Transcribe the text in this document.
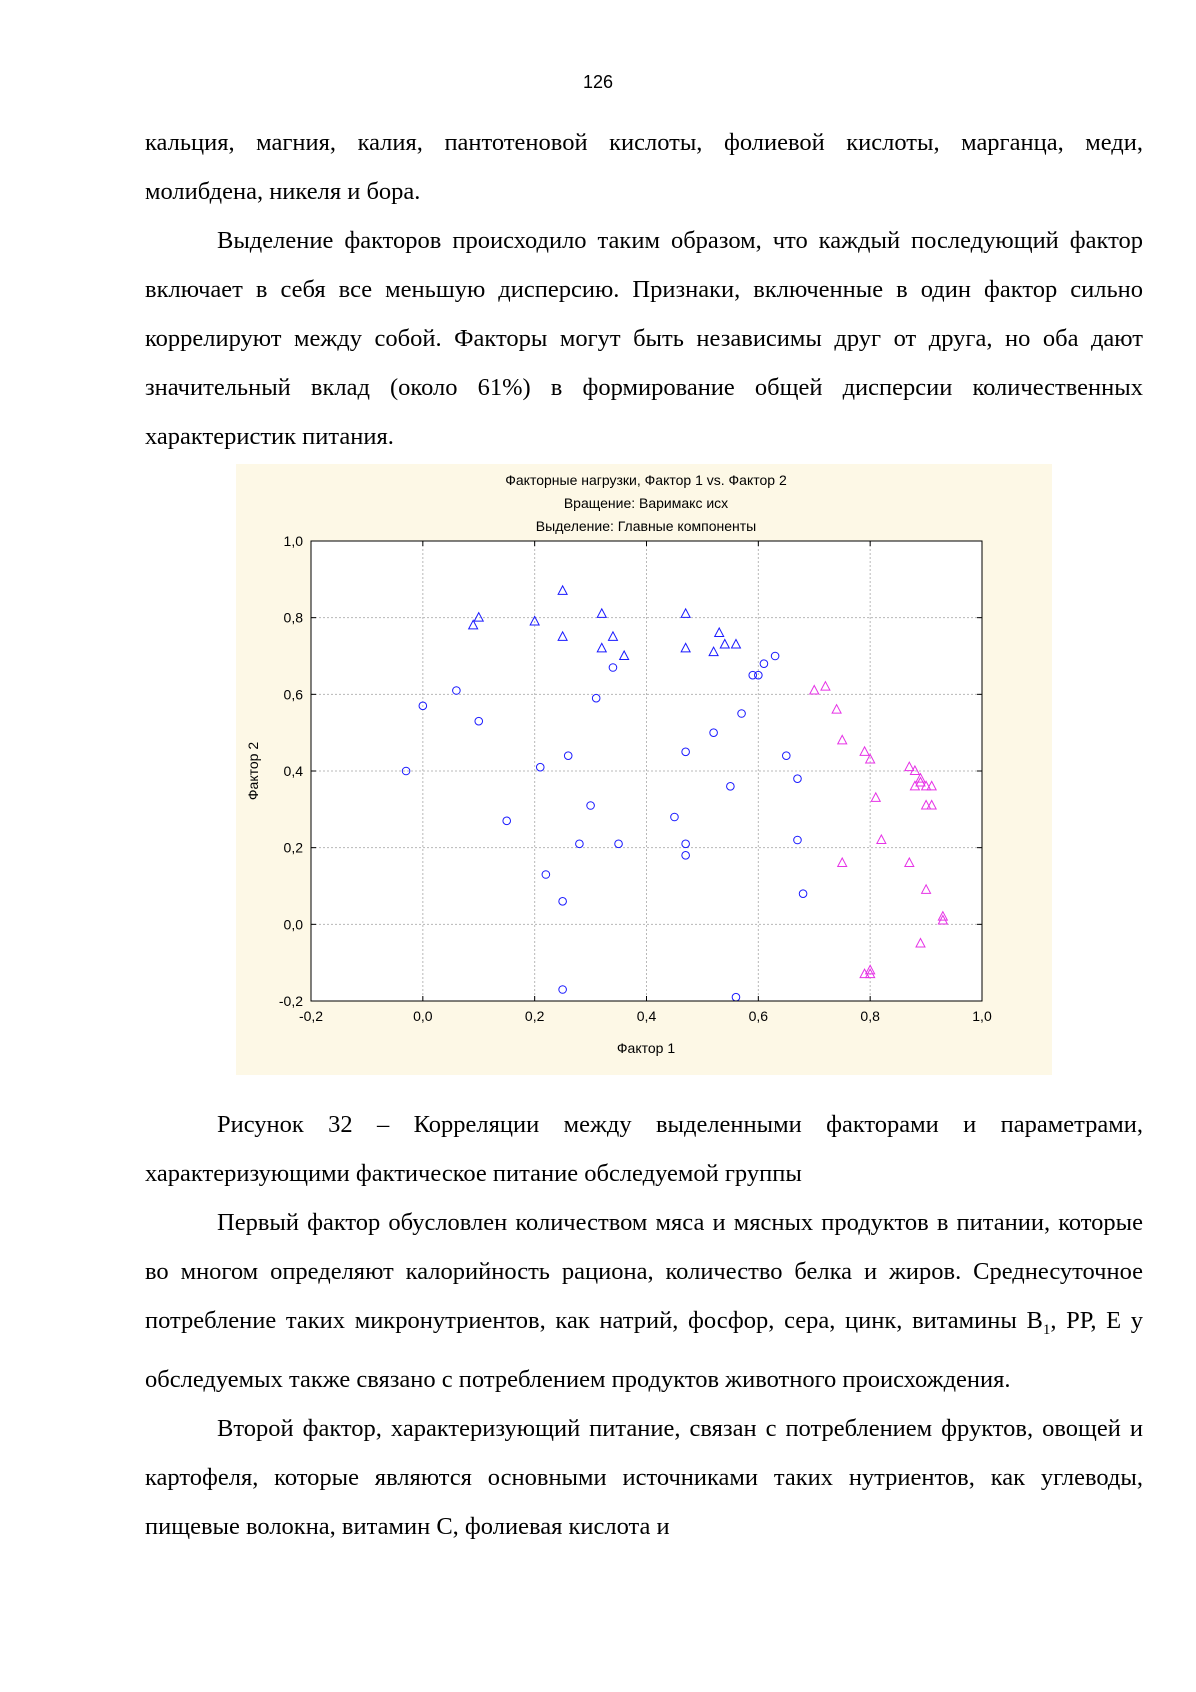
126

кальция, магния, калия, пантотеновой кислоты, фолиевой кислоты, марганца, меди, молибдена, никеля и бора.

Выделение факторов происходило таким образом, что каждый последующий фактор включает в себя все меньшую дисперсию. Признаки, включенные в один фактор сильно коррелируют между собой. Факторы могут быть независимы друг от друга, но оба дают значительный вклад (около 61%) в формирование общей дисперсии количественных характеристик питания.

Факторные нагрузки, Фактор 1 vs. Фактор 2
Вращение: Варимакс исх
Выделение: Главные компоненты
-0,2	0,0	0,2	0,4	0,6	0,8	1,0
-0,2
0,0
0,2
0,4
0,6
0,8
1,0
Фактор 1
Фактор 2

Рисунок 32 – Корреляции между выделенными факторами и параметрами, характеризующими фактическое питание обследуемой группы

Первый фактор обусловлен количеством мяса и мясных продуктов в питании, которые во многом определяют калорийность рациона, количество белка и жиров. Среднесуточное потребление таких микронутриентов, как натрий, фосфор, сера, цинк, витамины $В_1$, РР, Е у обследуемых также связано с потреблением продуктов животного происхождения.

Второй фактор, характеризующий питание, связан с потреблением фруктов, овощей и картофеля, которые являются основными источниками таких нутриентов, как углеводы, пищевые волокна, витамин С, фолиевая кислота и
